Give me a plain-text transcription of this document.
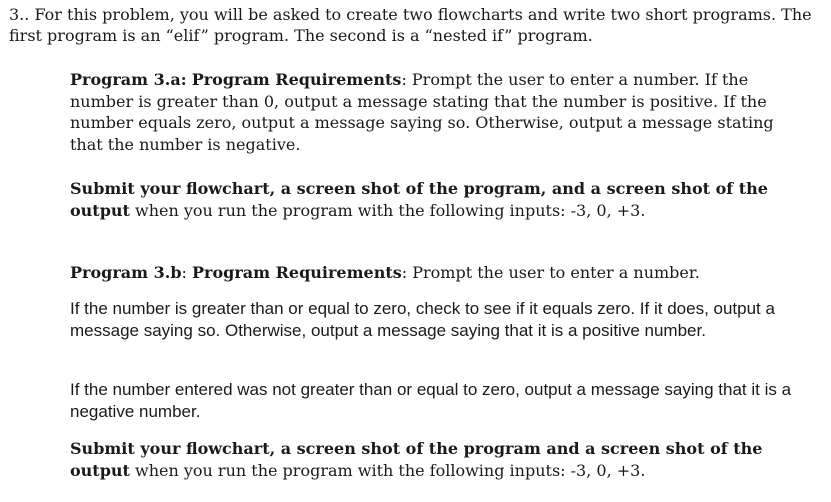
3.. For this problem, you will be asked to create two flowcharts and write two short programs. The first program is an “elif” program. The second is a “nested if” program.
Program 3.a: Program Requirements: Prompt the user to enter a number. If the number is greater than 0, output a message stating that the number is positive. If the number equals zero, output a message saying so. Otherwise, output a message stating that the number is negative.
Submit your flowchart, a screen shot of the program, and a screen shot of the output when you run the program with the following inputs: -3, 0, +3.
Program 3.b: Program Requirements: Prompt the user to enter a number.
If the number is greater than or equal to zero, check to see if it equals zero. If it does, output a message saying so. Otherwise, output a message saying that it is a positive number.
If the number entered was not greater than or equal to zero, output a message saying that it is a negative number.
Submit your flowchart, a screen shot of the program and a screen shot of the output when you run the program with the following inputs: -3, 0, +3.
